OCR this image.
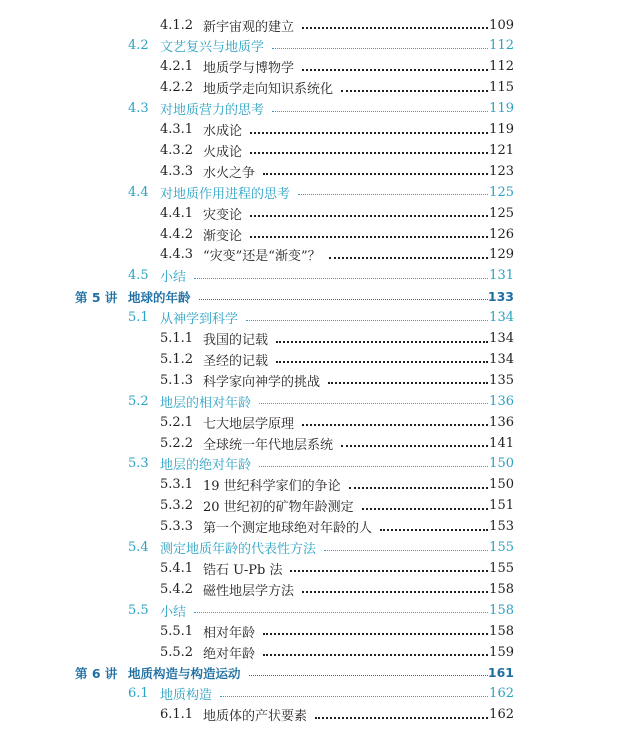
4.1.2 新宇宙观的建立	109
4.2 文艺复兴与地质学	112
4.2.1 地质学与博物学	112
4.2.2 地质学走向知识系统化	115
4.3 对地质营力的思考	119
4.3.1 水成论	119
4.3.2 火成论	121
4.3.3 水火之争	123
4.4 对地质作用进程的思考	125
4.4.1 灾变论	125
4.4.2 渐变论	126
4.4.3 “灾变”还是“渐变”？	129
4.5 小结	131
第 5 讲 地球的年龄	133
5.1 从神学到科学	134
5.1.1 我国的记载	134
5.1.2 圣经的记载	134
5.1.3 科学家向神学的挑战	135
5.2 地层的相对年龄	136
5.2.1 七大地层学原理	136
5.2.2 全球统一年代地层系统	141
5.3 地层的绝对年龄	150
5.3.1 19 世纪科学家们的争论	150
5.3.2 20 世纪初的矿物年龄测定	151
5.3.3 第一个测定地球绝对年龄的人	153
5.4 测定地质年龄的代表性方法	155
5.4.1 锆石 U-Pb 法	155
5.4.2 磁性地层学方法	158
5.5 小结	158
5.5.1 相对年龄	158
5.5.2 绝对年龄	159
第 6 讲 地质构造与构造运动	161
6.1 地质构造	162
6.1.1 地质体的产状要素	162
